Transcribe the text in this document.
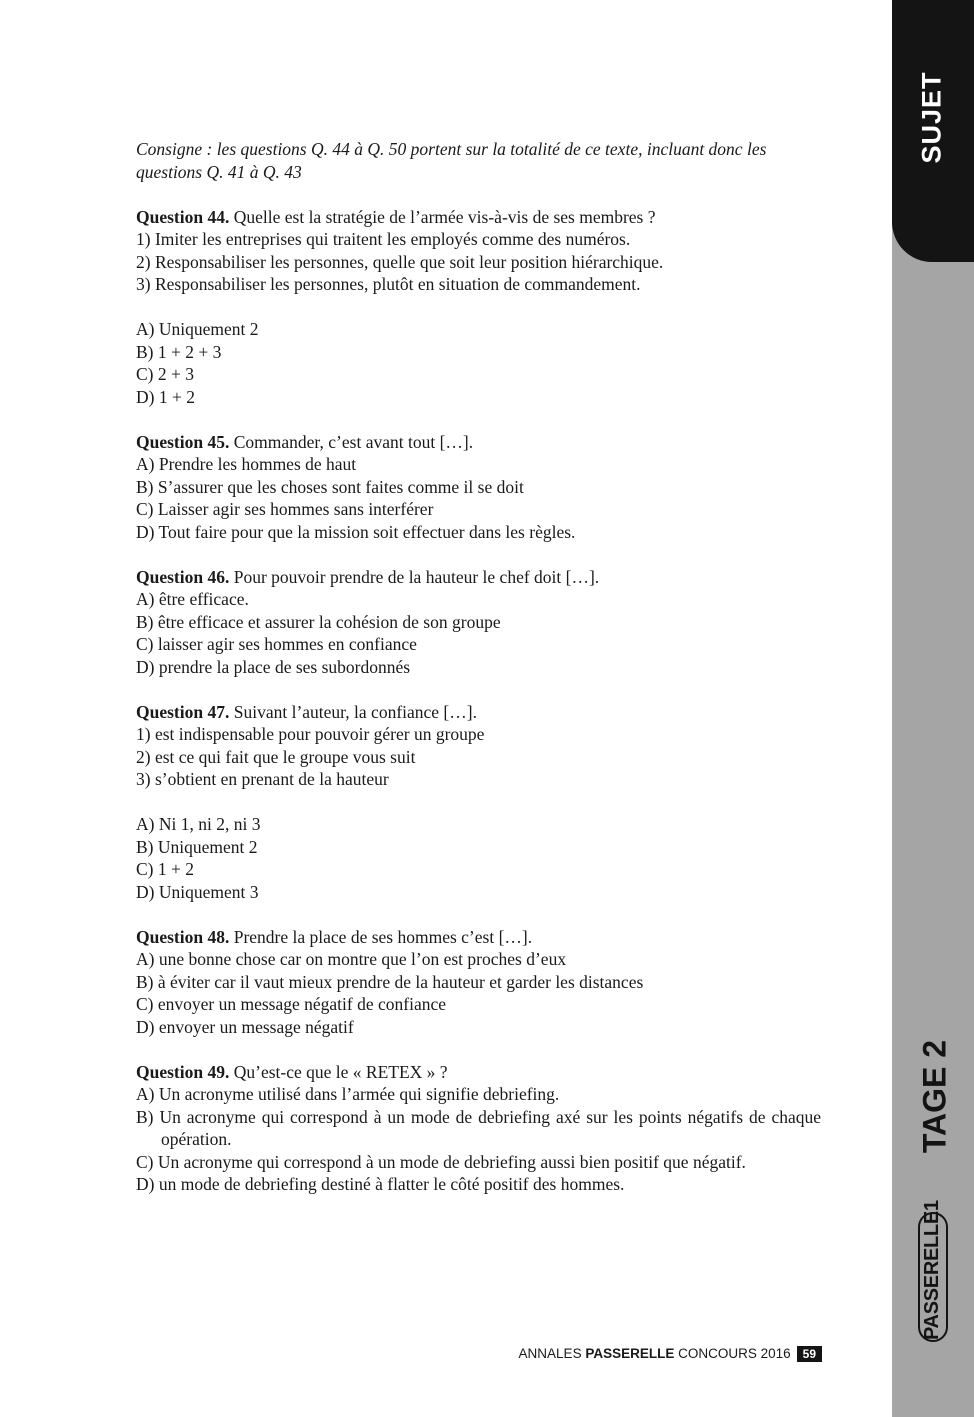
SUJET
TAGE 2
PASSERELLE1
Consigne : les questions Q. 44 à Q. 50 portent sur la totalité de ce texte, incluant donc les questions Q. 41 à Q. 43
Question 44. Quelle est la stratégie de l’armée vis-à-vis de ses membres ?
1) Imiter les entreprises qui traitent les employés comme des numéros.
2) Responsabiliser les personnes, quelle que soit leur position hiérarchique.
3) Responsabiliser les personnes, plutôt en situation de commandement.
A) Uniquement 2
B) 1 + 2 + 3
C) 2 + 3
D) 1 + 2
Question 45. Commander, c’est avant tout […].
A) Prendre les hommes de haut
B) S’assurer que les choses sont faites comme il se doit
C) Laisser agir ses hommes sans interférer
D) Tout faire pour que la mission soit effectuer dans les règles.
Question 46. Pour pouvoir prendre de la hauteur le chef doit […].
A) être efficace.
B) être efficace et assurer la cohésion de son groupe
C) laisser agir ses hommes en confiance
D) prendre la place de ses subordonnés
Question 47. Suivant l’auteur, la confiance […].
1) est indispensable pour pouvoir gérer un groupe
2) est ce qui fait que le groupe vous suit
3) s’obtient en prenant de la hauteur
A) Ni 1, ni 2, ni 3
B) Uniquement 2
C) 1 + 2
D) Uniquement 3
Question 48. Prendre la place de ses hommes c’est […].
A) une bonne chose car on montre que l’on est proches d’eux
B) à éviter car il vaut mieux prendre de la hauteur et garder les distances
C) envoyer un message négatif de confiance
D) envoyer un message négatif
Question 49. Qu’est-ce que le « RETEX » ?
A) Un acronyme utilisé dans l’armée qui signifie debriefing.
B) Un acronyme qui correspond à un mode de debriefing axé sur les points négatifs de chaque opération.
C) Un acronyme qui correspond à un mode de debriefing aussi bien positif que négatif.
D) un mode de debriefing destiné à flatter le côté positif des hommes.
ANNALES PASSERELLE CONCOURS 2016 59
